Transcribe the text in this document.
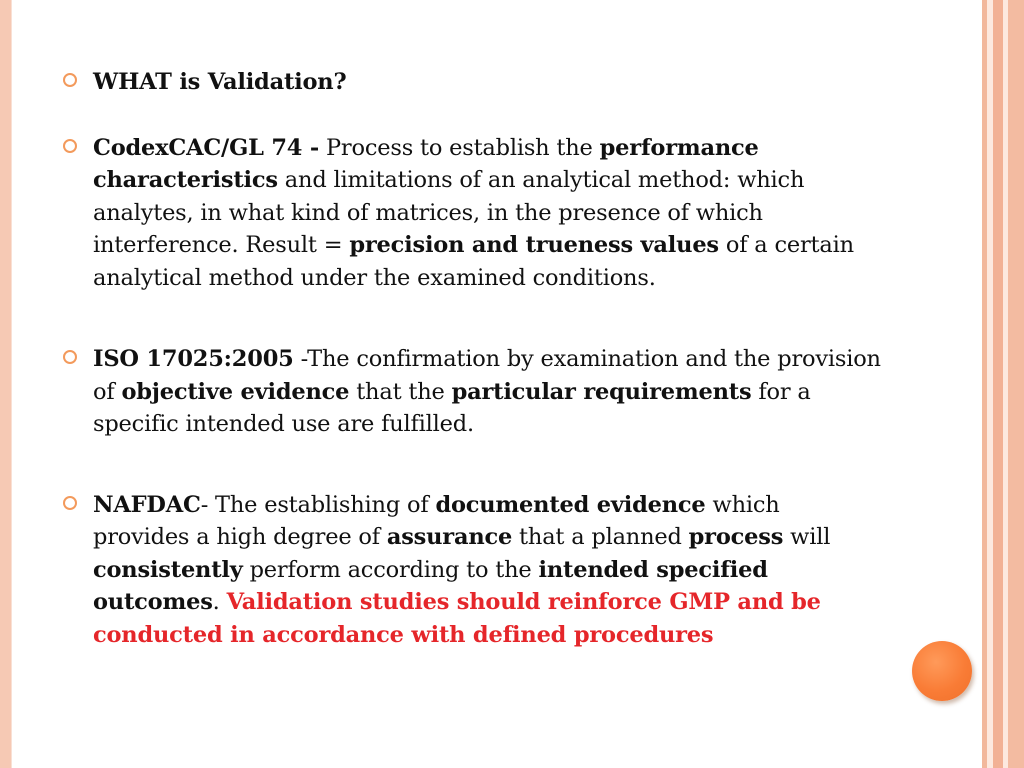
WHAT is Validation?
CodexCAC/GL 74 - Process to establish the performance characteristics and limitations of an analytical method: which analytes, in what kind of matrices, in the presence of which interference. Result = precision and trueness values of a certain analytical method under the examined conditions.
ISO 17025:2005 -The confirmation by examination and the provision of objective evidence that the particular requirements for a specific intended use are fulfilled.
NAFDAC- The establishing of documented evidence which provides a high degree of assurance that a planned process will consistently perform according to the intended specified outcomes. Validation studies should reinforce GMP and be conducted in accordance with defined procedures
